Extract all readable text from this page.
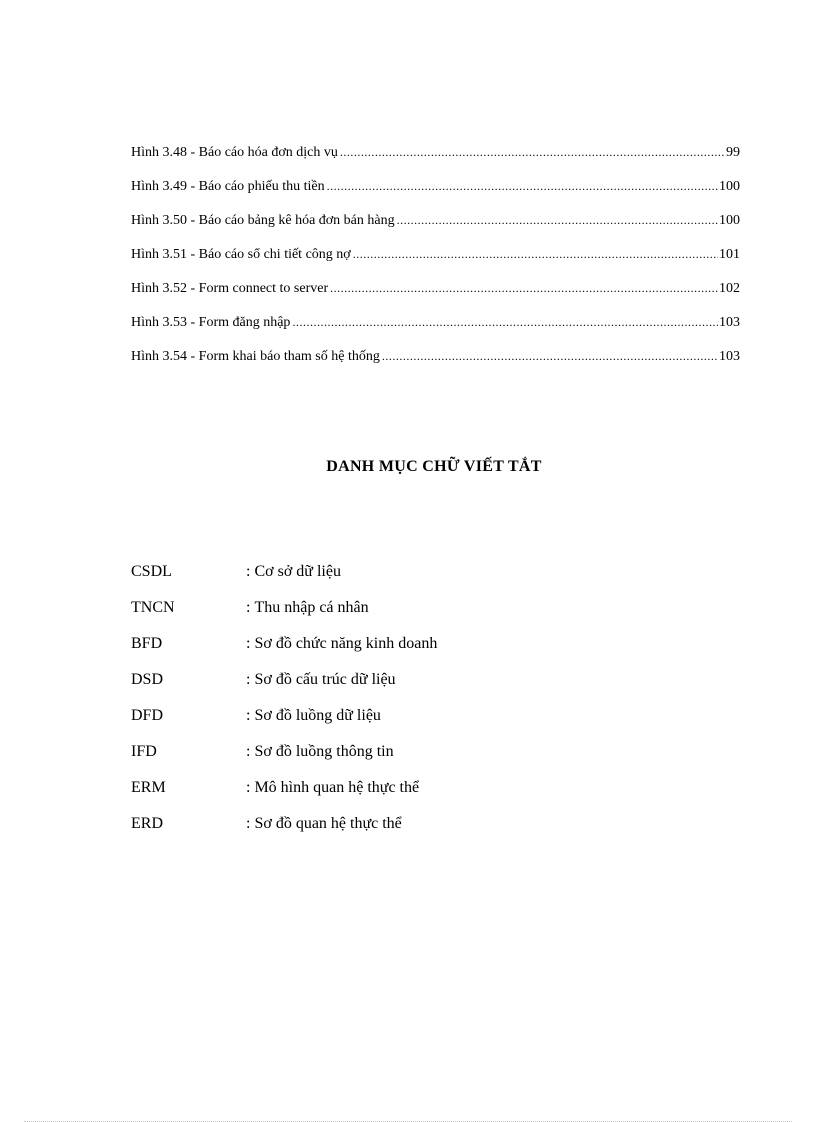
Hình 3.48 - Báo cáo hóa đơn dịch vụ .....	99
Hình 3.49 - Báo cáo phiếu thu tiền .....	100
Hình 3.50 - Báo cáo bảng kê hóa đơn bán hàng .....	100
Hình 3.51 - Báo cáo sổ chi tiết công nợ .....	101
Hình 3.52 - Form connect to server .....	102
Hình 3.53 - Form đăng nhập .....	103
Hình 3.54 - Form khai báo tham số hệ thống .....	103
DANH MỤC CHỮ VIẾT TẮT
CSDL	: Cơ sở dữ liệu
TNCN	: Thu nhập cá nhân
BFD	: Sơ đồ chức năng kinh doanh
DSD	: Sơ đồ cấu trúc dữ liệu
DFD	: Sơ đồ luồng dữ liệu
IFD	: Sơ đồ luồng thông tin
ERM	: Mô hình quan hệ thực thể
ERD	: Sơ đồ quan hệ thực thể
